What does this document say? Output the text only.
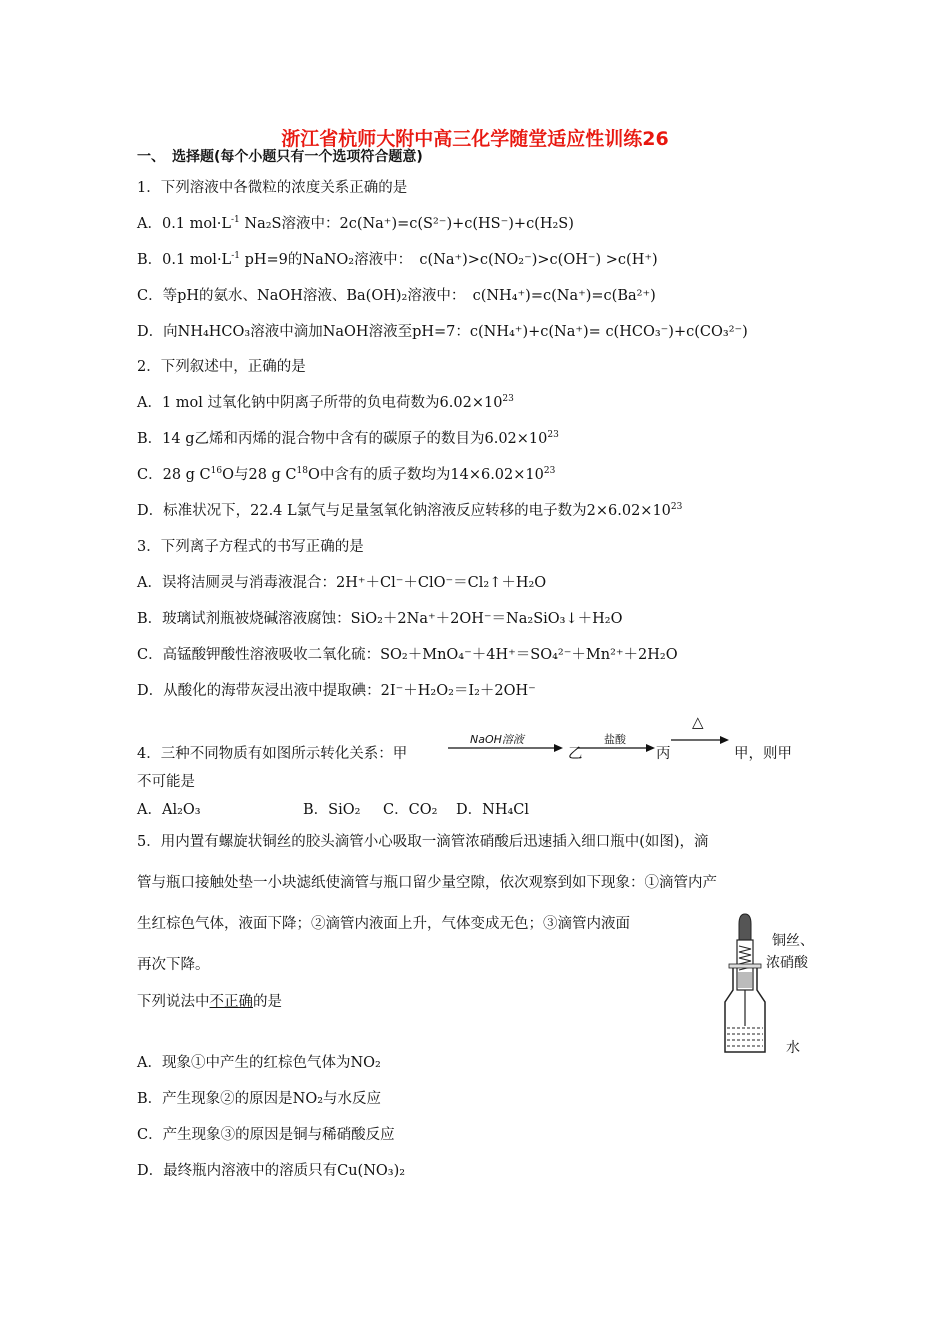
浙江省杭师大附中高三化学随堂适应性训练26
一、　选择题(每个小题只有一个选项符合题意)
1．下列溶液中各微粒的浓度关系正确的是
A．0.1 $mol\cdot L^{-1}$ Na₂S溶液中：2c(Na⁺)=c(S²⁻)+c(HS⁻)+c(H₂S)
B．0.1 $mol\cdot L^{-1}$ pH=9的NaNO₂溶液中：　c(Na⁺)>c(NO₂⁻)>c(OH⁻) >c(H⁺)
C．等pH的氨水、NaOH溶液、Ba(OH)₂溶液中：　c(NH₄⁺)=c(Na⁺)=c(Ba²⁺)
D．向NH₄HCO₃溶液中滴加NaOH溶液至pH=7：c(NH₄⁺)+c(Na⁺)= c(HCO₃⁻)+c(CO₃²⁻)
2．下列叙述中，正确的是
A．1 mol 过氧化钠中阴离子所带的负电荷数为$6.02\times 10^{23}$
B．14 g乙烯和丙烯的混合物中含有的碳原子的数目为$6.02\times 10^{23}$
C．28 g $C^{16}O$与28 g $C^{18}O$中含有的质子数均为$14\times 6.02\times 10^{23}$
D．标准状况下，22.4 L氯气与足量氢氧化钠溶液反应转移的电子数为$2\times 6.02\times 10^{23}$
3．下列离子方程式的书写正确的是
A．误将洁厕灵与消毒液混合：2H⁺＋Cl⁻＋ClO⁻＝Cl₂↑＋H₂O
B．玻璃试剂瓶被烧碱溶液腐蚀：SiO₂＋2Na⁺＋2OH⁻＝Na₂SiO₃↓＋H₂O
C．高锰酸钾酸性溶液吸收二氧化硫：SO₂＋MnO₄⁻＋4H⁺＝SO₄²⁻＋Mn²⁺＋2H₂O
D．从酸化的海带灰浸出液中提取碘：2I⁻＋H₂O₂＝I₂＋2OH⁻
4．三种不同物质有如图所示转化关系：甲
NaOH溶液	盐酸
△
乙	丙	甲，则甲
不可能是
A．Al₂O₃	B．SiO₂ C．CO₂ D．NH₄Cl
5．用内置有螺旋状铜丝的胶头滴管小心吸取一滴管浓硝酸后迅速插入细口瓶中(如图)，滴
管与瓶口接触处垫一小块滤纸使滴管与瓶口留少量空隙，依次观察到如下现象：①滴管内产
生红棕色气体，液面下降；②滴管内液面上升，气体变成无色；③滴管内液面
再次下降。
下列说法中不正确的是
A．现象①中产生的红棕色气体为NO₂
B．产生现象②的原因是NO₂与水反应
C．产生现象③的原因是铜与稀硝酸反应
D．最终瓶内溶液中的溶质只有Cu(NO₃)₂
铜丝、
浓硝酸
水
